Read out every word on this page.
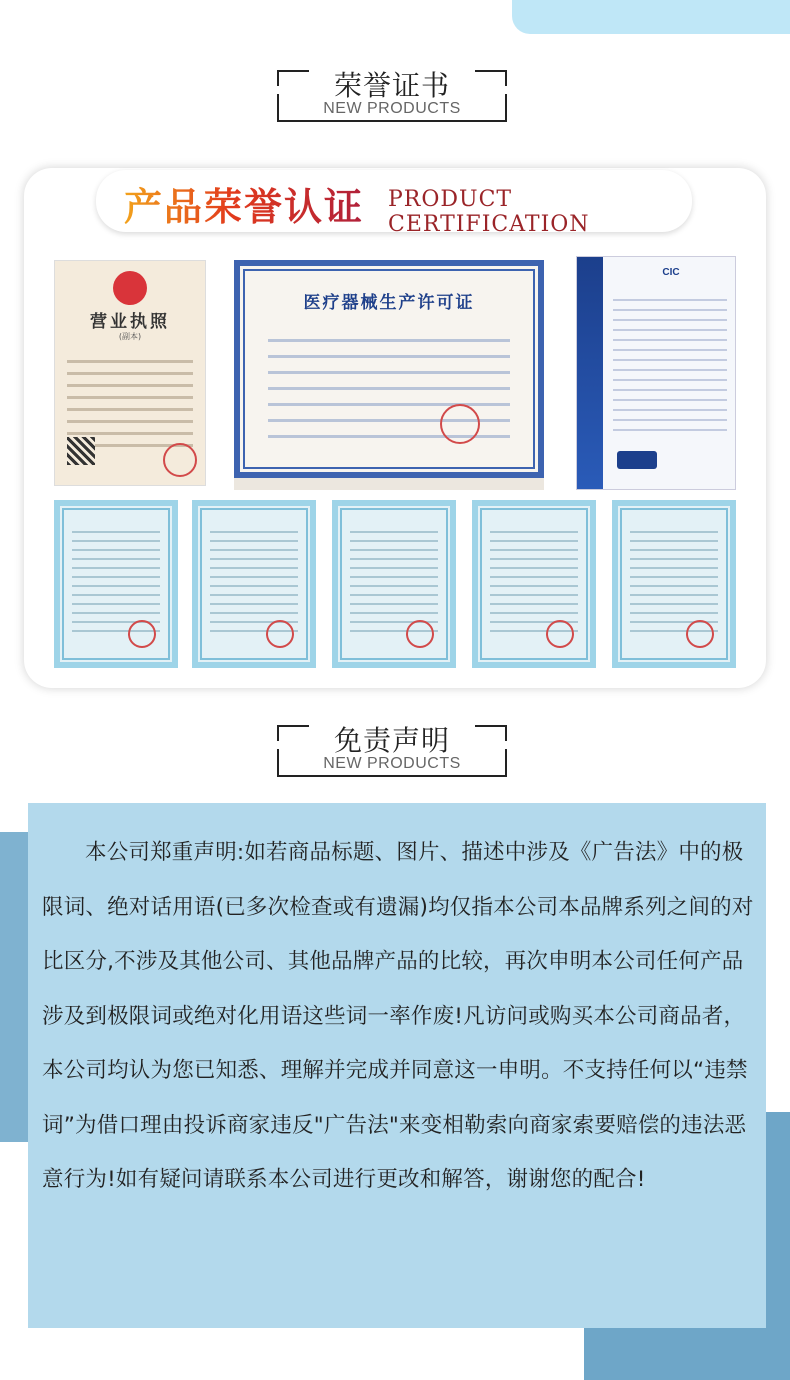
荣誉证书
NEW PRODUCTS
产品荣誉认证 PRODUCT CERTIFICATION
营业执照
(副本)
医疗器械生产许可证
CIC
免责声明
NEW PRODUCTS

本公司郑重声明:如若商品标题、图片、描述中涉及《广告法》中的极限词、绝对话用语(已多次检查或有遗漏)均仅指本公司本品牌系列之间的对比区分,不涉及其他公司、其他品牌产品的比较，再次申明本公司任何产品涉及到极限词或绝对化用语这些词一率作废!凡访问或购买本公司商品者，本公司均认为您已知悉、理解并完成并同意这一申明。不支持任何以“违禁词”为借口理由投诉商家违反"广告法"来变相勒索向商家索要赔偿的违法恶意行为!如有疑问请联系本公司进行更改和解答，谢谢您的配合!
